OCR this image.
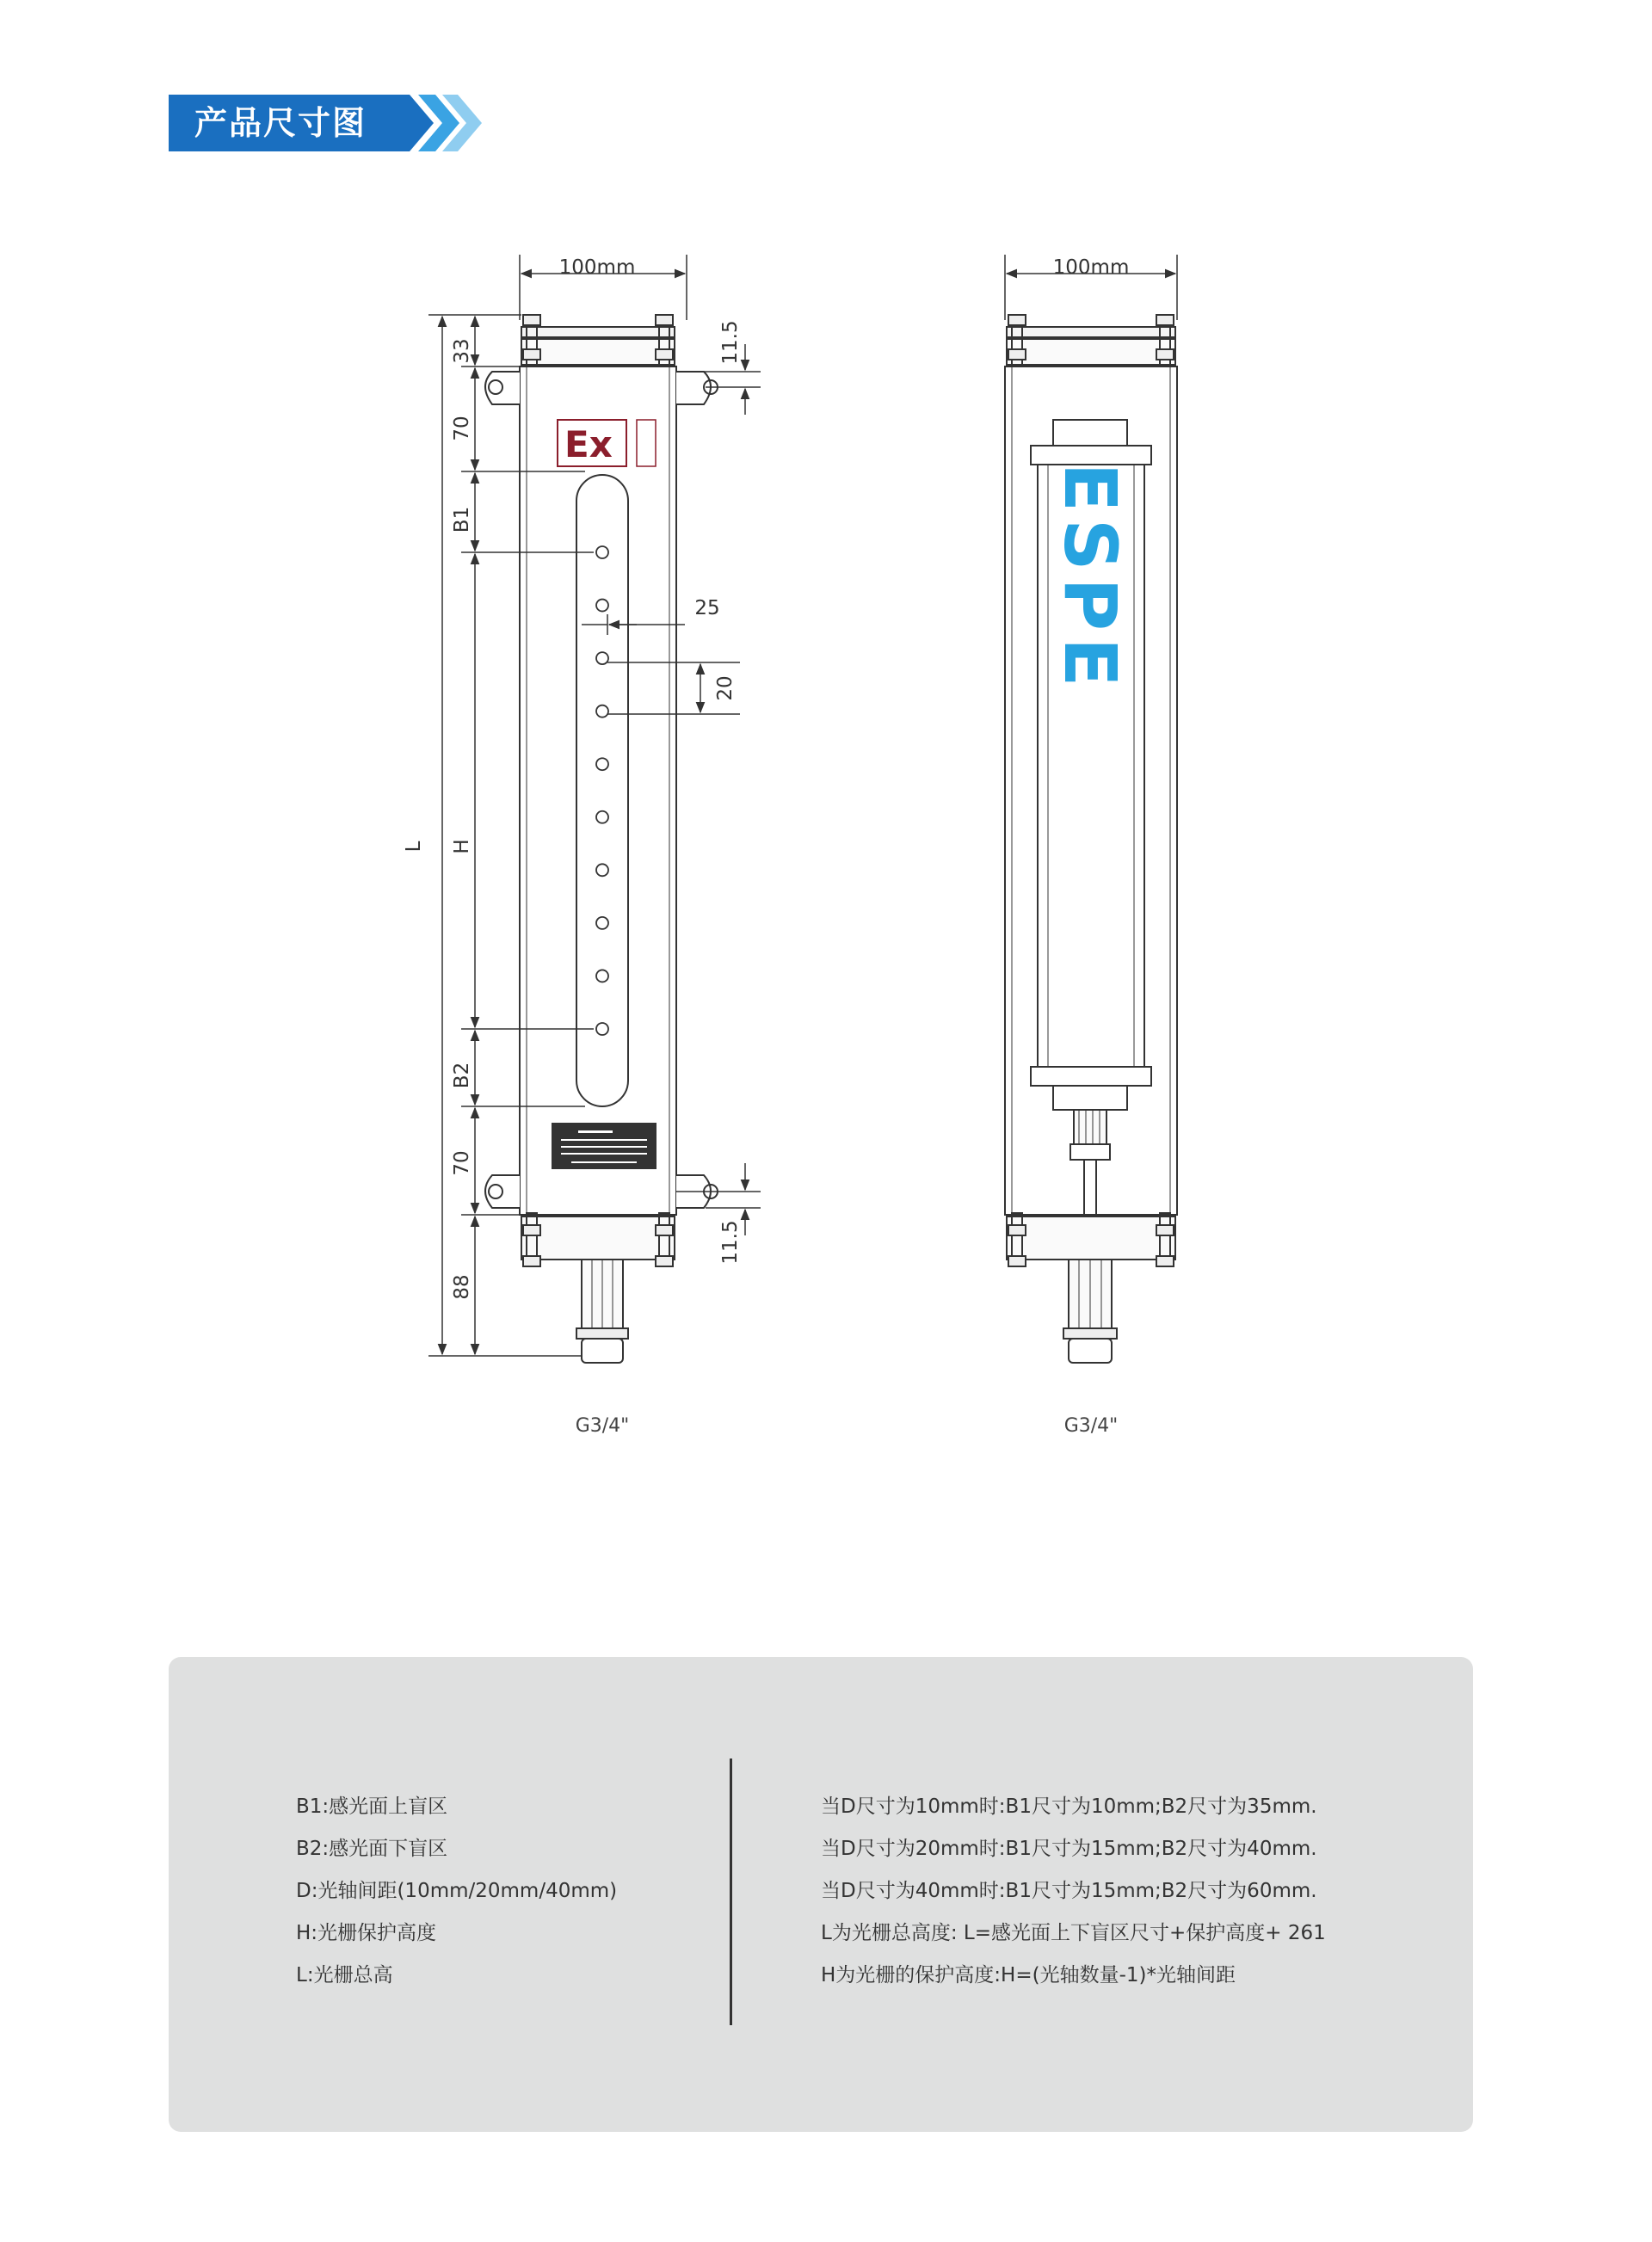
产品尺寸图
Ex
100mm
33
70
B1
H
B2
70
88
L
11.5
11.5
25
20
G3/4"
100mm
ESPE
G3/4"
B1:感光面上盲区
B2:感光面下盲区
D:光轴间距(10mm/20mm/40mm)
H:光栅保护高度
L:光栅总高
当D尺寸为10mm时:B1尺寸为10mm;B2尺寸为35mm.
当D尺寸为20mm时:B1尺寸为15mm;B2尺寸为40mm.
当D尺寸为40mm时:B1尺寸为15mm;B2尺寸为60mm.
L为光栅总高度: L=感光面上下盲区尺寸+保护高度+ 261
H为光栅的保护高度:H=(光轴数量-1)*光轴间距
